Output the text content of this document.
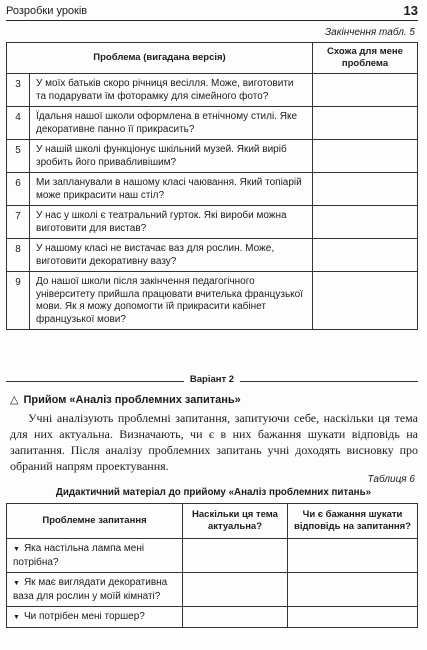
Розробки уроків	13
Закінчення табл. 5
Проблема (вигадана версія)		Схожа для мене проблема
3	У моїх батьків скоро річниця весілля. Може, виготовити та подарувати їм фоторамку для сімейного фото?	
4	Їдальня нашої школи оформлена в етнічному стилі. Яке декоративне панно її прикрасить?	
5	У нашій школі функціонує шкільний музей. Який виріб зробить його привабливішим?	
6	Ми запланували в нашому класі чаювання. Який топіарій може прикрасити наш стіл?	
7	У нас у школі є театральний гурток. Які вироби можна виготовити для вистав?	
8	У нашому класі не вистачає ваз для рослин. Може, виготовити декоративну вазу?	
9	До нашої школи після закінчення педагогічного університету прийшла працювати вчителька французької мови. Як я можу допомогти їй прикрасити кабінет французької мови?	
Варіант 2
△ Прийом «Аналіз проблемних запитань»
Учні аналізують проблемні запитання, запитуючи себе, наскільки ця тема для них актуальна. Визначають, чи є в них бажання шукати відповідь на запитання. Після аналізу проблемних запитань учні доходять висновку про обраний напрям проектування.
Таблиця 6
Дидактичний матеріал до прийому «Аналіз проблемних питань»
Проблемне запитання	Наскільки ця тема актуальна?	Чи є бажання шукати відповідь на запитання?
▼ Яка настільна лампа мені потрібна?		
▼ Як має виглядати декоративна ваза для рослин у моїй кімнаті?		
▼ Чи потрібен мені торшер?		
